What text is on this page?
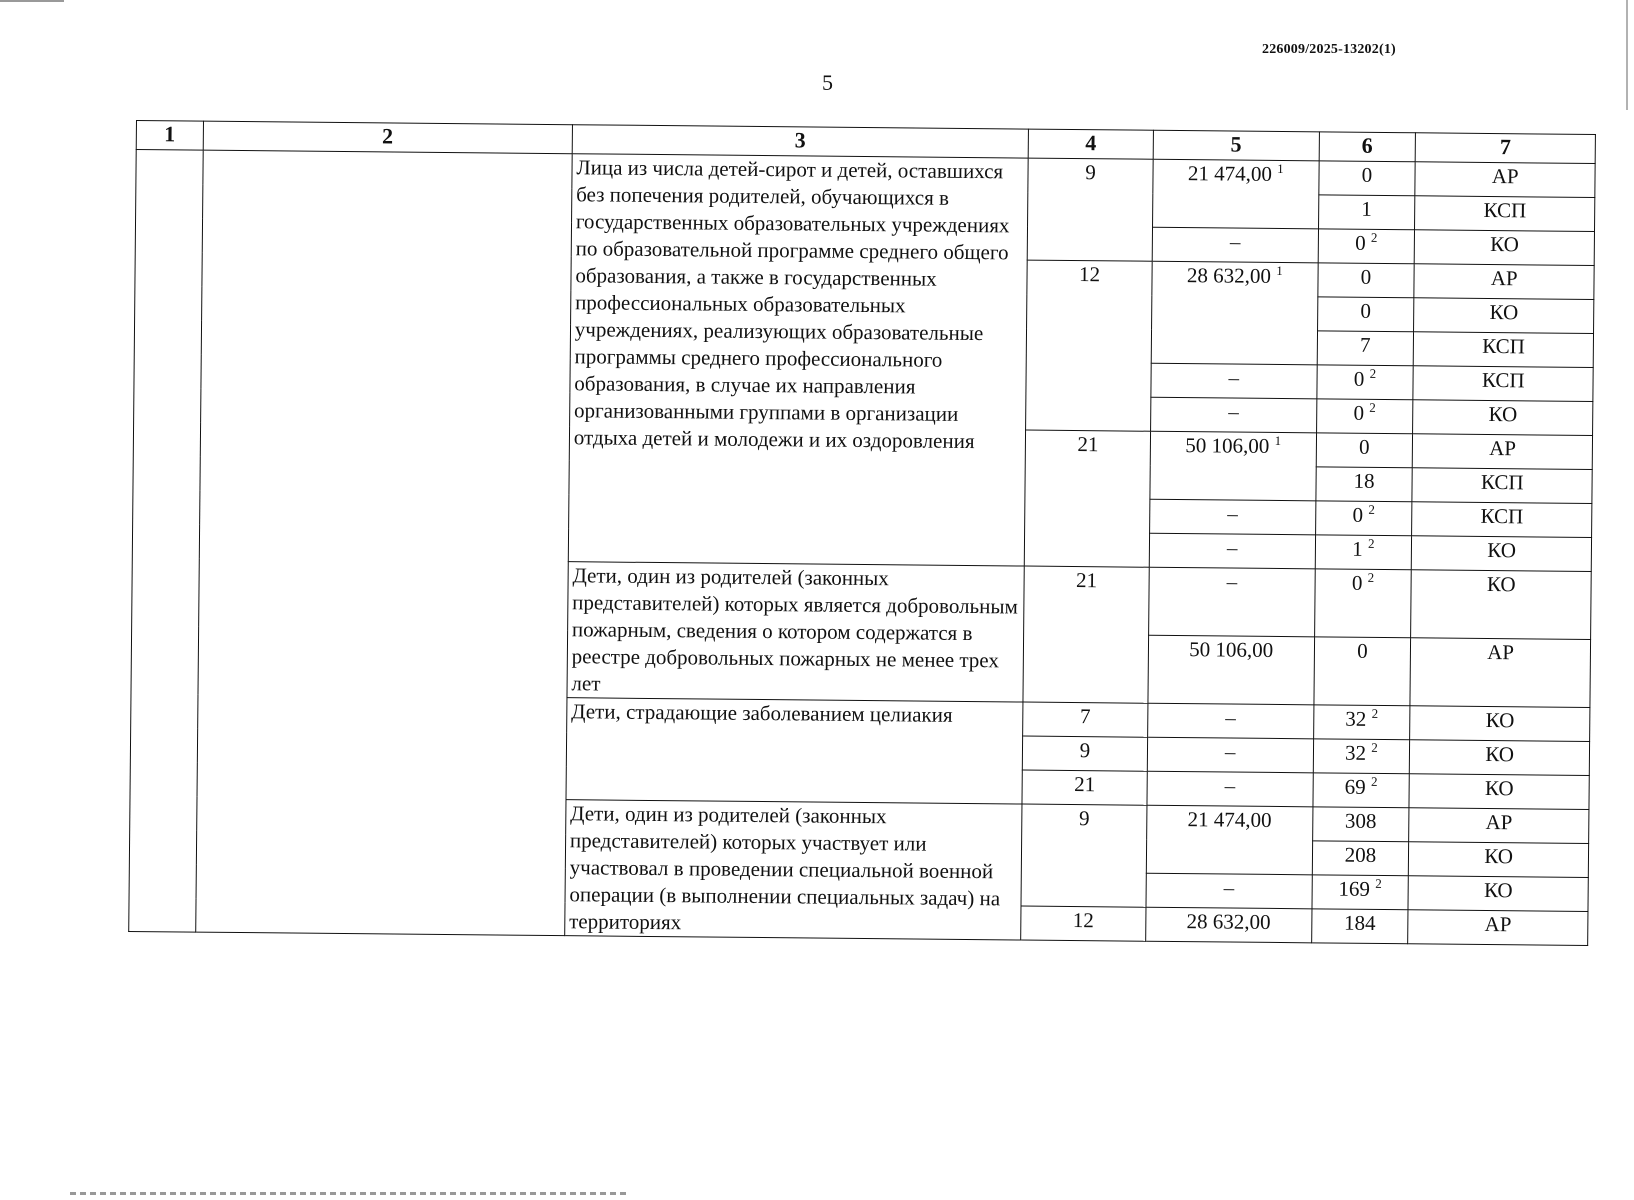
226009/2025-13202(1)
5
1	2	3	4	5	6	7
		Лица из числа детей-сирот и детей, оставшихся без попечения родителей, обучающихся в государственных образовательных учреждениях по образовательной программе среднего общего образования, а также в государственных профессиональных образовательных учреждениях, реализующих образовательные программы среднего профессионального образования, в случае их направления организованными группами в организации отдыха детей и молодежи и их оздоровления	9	21 474,00 $^1$	0	АР
					1	КСП
				–	0 $^2$	КО
			12	28 632,00 $^1$	0	АР
					0	КО
					7	КСП
				–	0 $^2$	КСП
				–	0 $^2$	КО
			21	50 106,00 $^1$	0	АР
					18	КСП
				–	0 $^2$	КСП
				–	1 $^2$	КО
		Дети, один из родителей (законных представителей) которых является добровольным пожарным, сведения о котором содержатся в реестре добровольных пожарных не менее трех лет	21	–	0 $^2$	КО
				50 106,00	0	АР
		Дети, страдающие заболеванием целиакия	7	–	32 $^2$	КО
			9	–	32 $^2$	КО
			21	–	69 $^2$	КО
		Дети, один из родителей (законных представителей) которых участвует или участвовал в проведении специальной военной операции (в выполнении специальных задач) на территориях	9	21 474,00	308	АР
					208	КО
				–	169 $^2$	КО
			12	28 632,00	184	АР
